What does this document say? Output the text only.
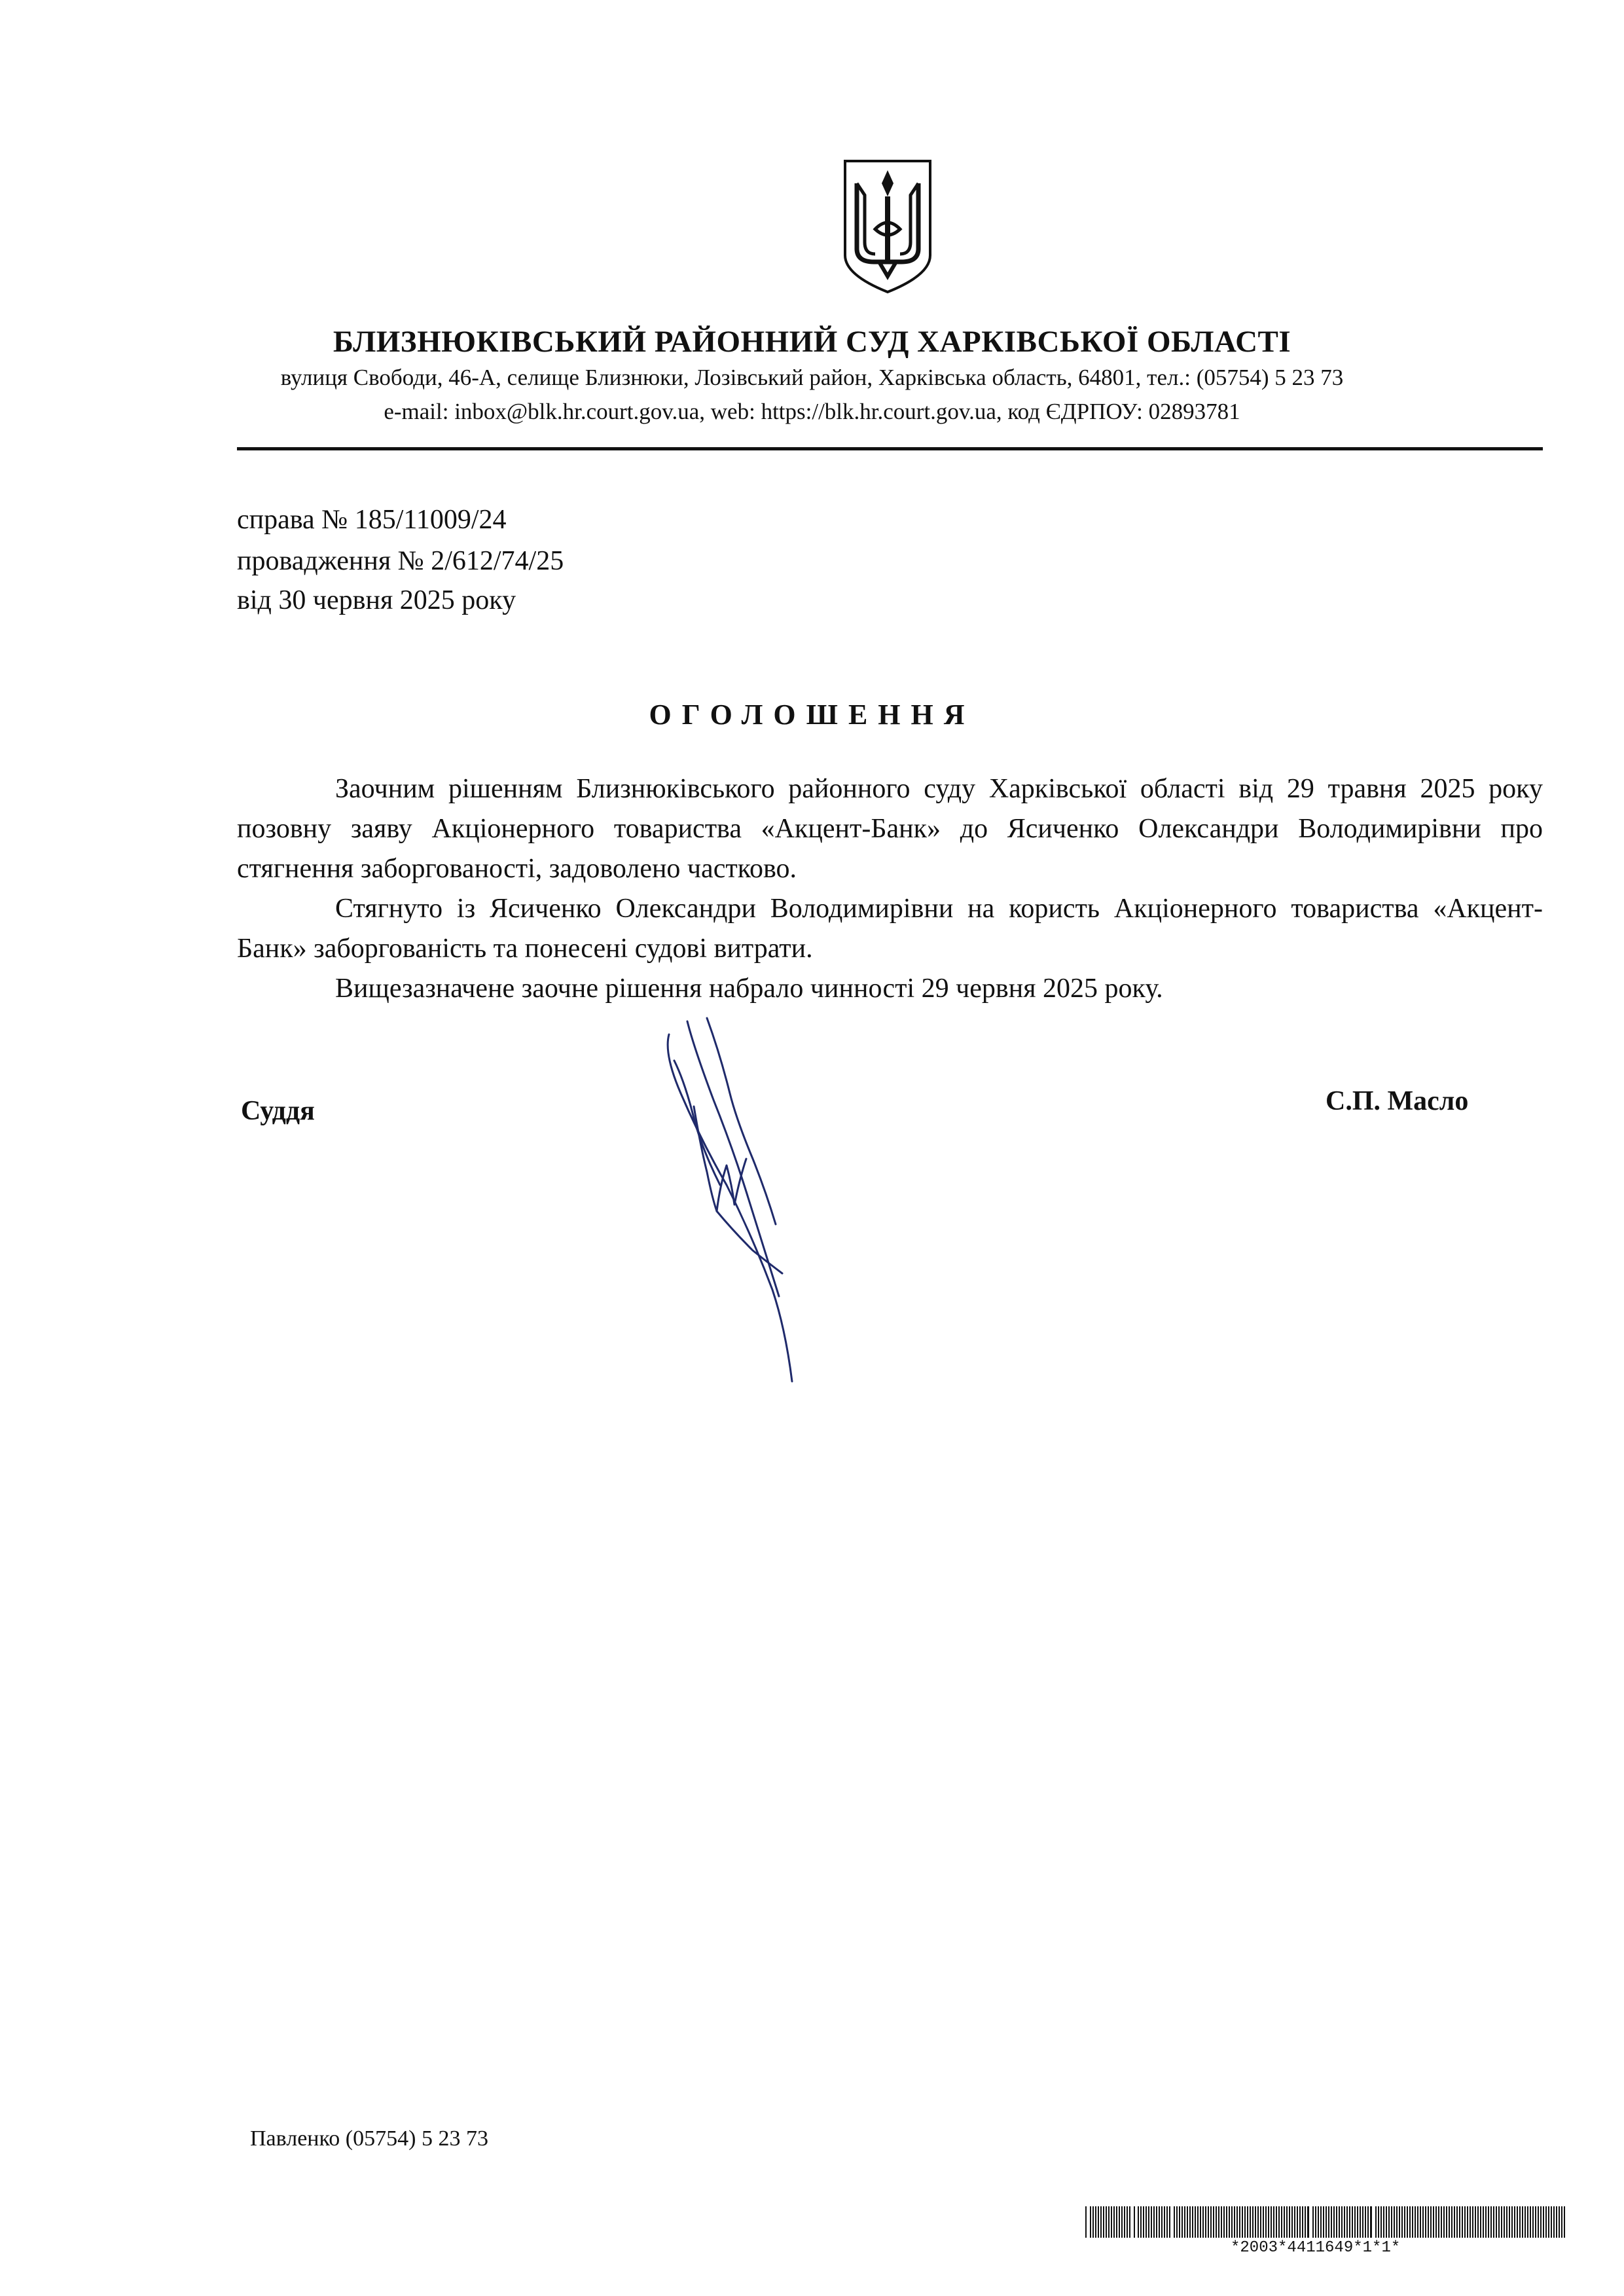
БЛИЗНЮКІВСЬКИЙ РАЙОННИЙ СУД ХАРКІВСЬКОЇ ОБЛАСТІ
вулиця Свободи, 46-А, селище Близнюки, Лозівський район, Харківська область, 64801, тел.: (05754) 5 23 73
e-mail: inbox@blk.hr.court.gov.ua, web: https://blk.hr.court.gov.ua, код ЄДРПОУ: 02893781
справа № 185/11009/24
провадження № 2/612/74/25
від 30 червня 2025 року
ОГОЛОШЕННЯ

Заочним рішенням Близнюківського районного суду Харківської області від 29 травня 2025 року позовну заяву Акціонерного товариства «Акцент-Банк» до Ясиченко Олександри Володимирівни про стягнення заборгованості, задоволено частково.

Стягнуто із Ясиченко Олександри Володимирівни на користь Акціонерного товариства «Акцент-Банк» заборгованість та понесені судові витрати.

Вищезазначене заочне рішення набрало чинності 29 червня 2025 року.

Суддя	С.П. Масло
Павленко (05754) 5 23 73
*2003*4411649*1*1*
